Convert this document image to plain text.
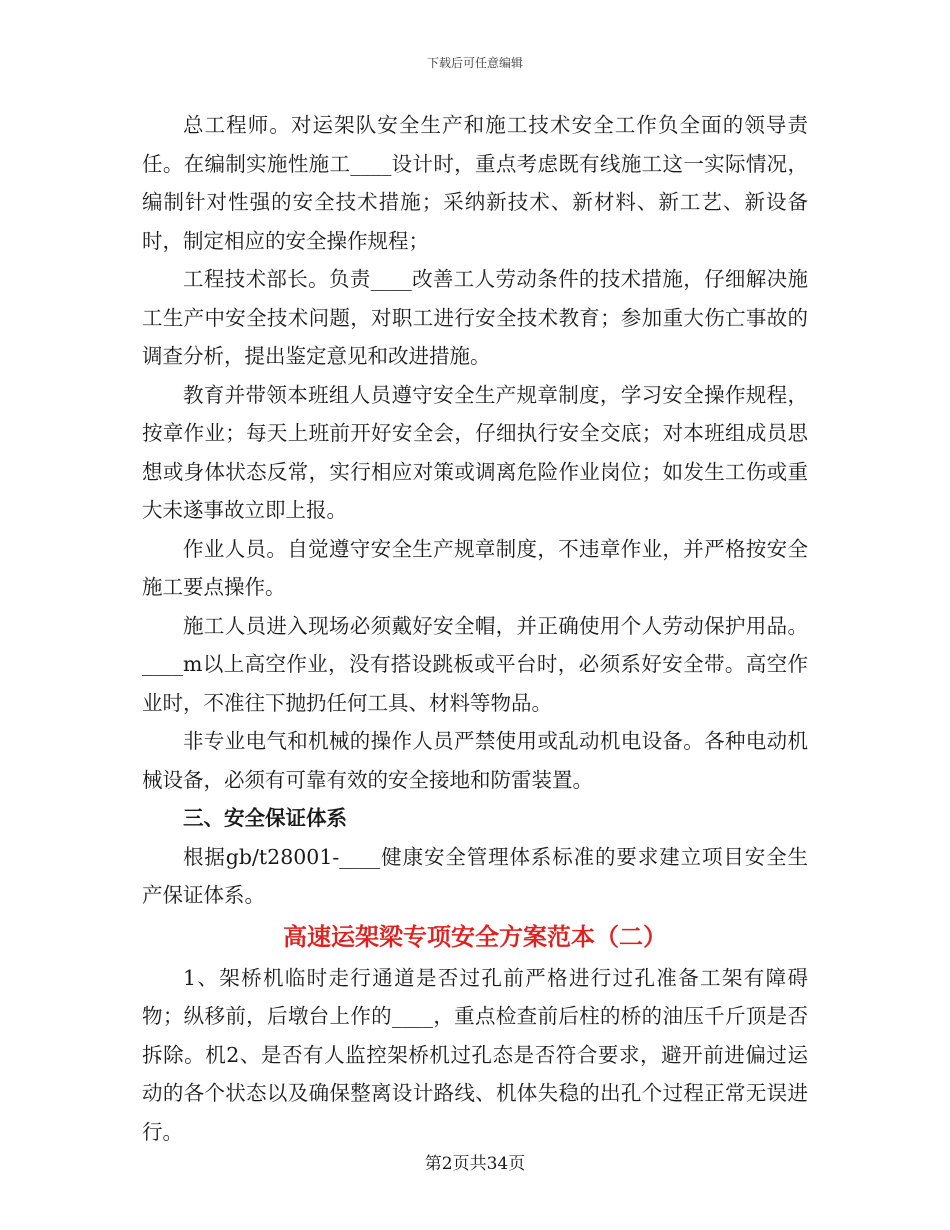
下载后可任意编辑

总工程师。对运架队安全生产和施工技术安全工作负全面的领导责任。在编制实施性施工____设计时，重点考虑既有线施工这一实际情况，编制针对性强的安全技术措施；采纳新技术、新材料、新工艺、新设备时，制定相应的安全操作规程；

工程技术部长。负责____改善工人劳动条件的技术措施，仔细解决施工生产中安全技术问题，对职工进行安全技术教育；参加重大伤亡事故的调查分析，提出鉴定意见和改进措施。

教育并带领本班组人员遵守安全生产规章制度，学习安全操作规程，按章作业；每天上班前开好安全会，仔细执行安全交底；对本班组成员思想或身体状态反常，实行相应对策或调离危险作业岗位；如发生工伤或重大未遂事故立即上报。

作业人员。自觉遵守安全生产规章制度，不违章作业，并严格按安全施工要点操作。

施工人员进入现场必须戴好安全帽，并正确使用个人劳动保护用品。____m以上高空作业，没有搭设跳板或平台时，必须系好安全带。高空作业时，不准往下抛扔任何工具、材料等物品。

非专业电气和机械的操作人员严禁使用或乱动机电设备。各种电动机械设备，必须有可靠有效的安全接地和防雷装置。

三、安全保证体系

根据gb/t28001-____健康安全管理体系标准的要求建立项目安全生产保证体系。

高速运架梁专项安全方案范本（二）

1、架桥机临时走行通道是否过孔前严格进行过孔准备工架有障碍物；纵移前，后墩台上作的____，重点检查前后柱的桥的油压千斤顶是否拆除。机2、是否有人监控架桥机过孔态是否符合要求，避开前进偏过运动的各个状态以及确保整离设计路线、机体失稳的出孔个过程正常无误进行。

第2页共34页
